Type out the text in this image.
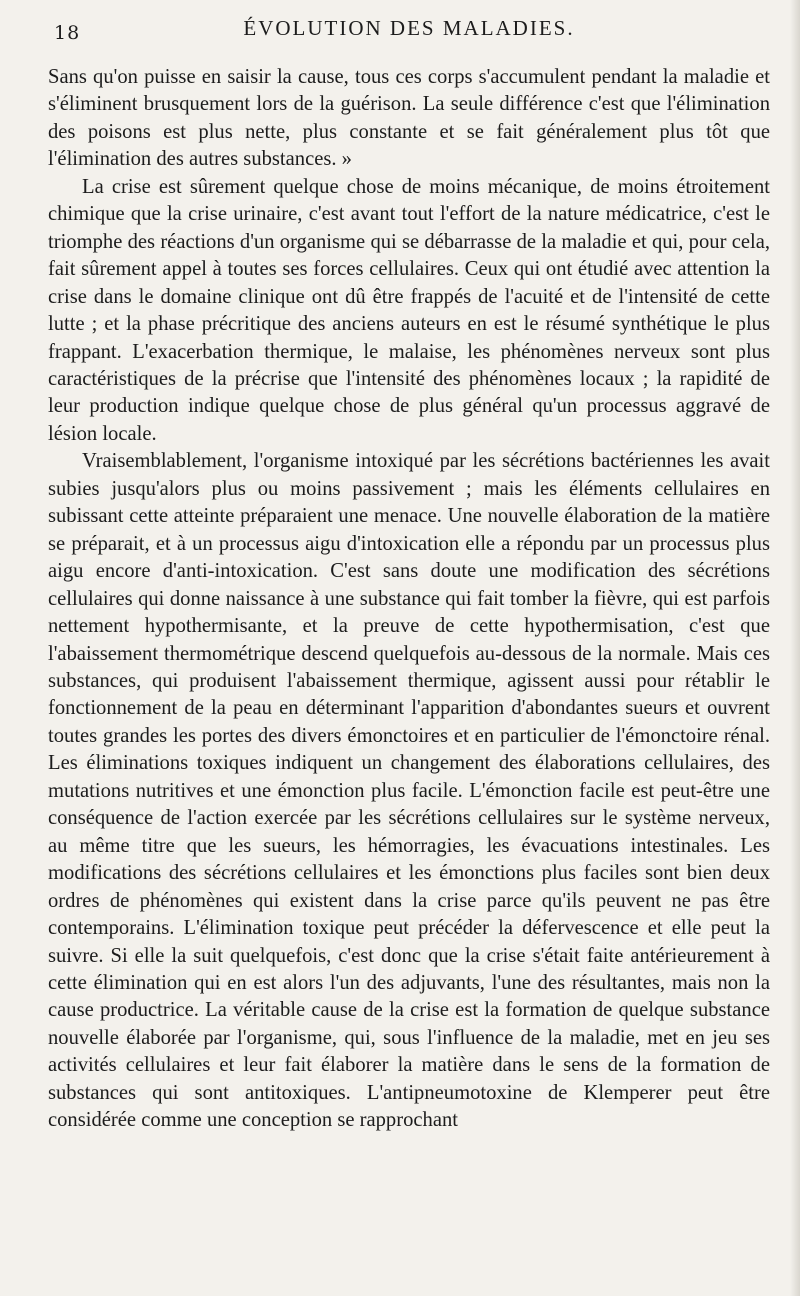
18	ÉVOLUTION DES MALADIES.

Sans qu'on puisse en saisir la cause, tous ces corps s'accumulent pendant la maladie et s'éliminent brusquement lors de la guérison. La seule différence c'est que l'élimination des poisons est plus nette, plus constante et se fait généralement plus tôt que l'élimination des autres substances. »

La crise est sûrement quelque chose de moins mécanique, de moins étroitement chimique que la crise urinaire, c'est avant tout l'effort de la nature médicatrice, c'est le triomphe des réactions d'un organisme qui se débarrasse de la maladie et qui, pour cela, fait sûrement appel à toutes ses forces cellulaires. Ceux qui ont étudié avec attention la crise dans le domaine clinique ont dû être frappés de l'acuité et de l'intensité de cette lutte ; et la phase précritique des anciens auteurs en est le résumé synthétique le plus frappant. L'exacerbation thermique, le malaise, les phénomènes nerveux sont plus caractéristiques de la précrise que l'intensité des phénomènes locaux ; la rapidité de leur production indique quelque chose de plus général qu'un processus aggravé de lésion locale.

Vraisemblablement, l'organisme intoxiqué par les sécrétions bactériennes les avait subies jusqu'alors plus ou moins passivement ; mais les éléments cellulaires en subissant cette atteinte préparaient une menace. Une nouvelle élaboration de la matière se préparait, et à un processus aigu d'intoxication elle a répondu par un processus plus aigu encore d'anti-intoxication. C'est sans doute une modification des sécrétions cellulaires qui donne naissance à une substance qui fait tomber la fièvre, qui est parfois nettement hypothermisante, et la preuve de cette hypothermisation, c'est que l'abaissement thermométrique descend quelquefois au-dessous de la normale. Mais ces substances, qui produisent l'abaissement thermique, agissent aussi pour rétablir le fonctionnement de la peau en déterminant l'apparition d'abondantes sueurs et ouvrent toutes grandes les portes des divers émonctoires et en particulier de l'émonctoire rénal. Les éliminations toxiques indiquent un changement des élaborations cellulaires, des mutations nutritives et une émonction plus facile. L'émonction facile est peut-être une conséquence de l'action exercée par les sécrétions cellulaires sur le système nerveux, au même titre que les sueurs, les hémorragies, les évacuations intestinales. Les modifications des sécrétions cellulaires et les émonctions plus faciles sont bien deux ordres de phénomènes qui existent dans la crise parce qu'ils peuvent ne pas être contemporains. L'élimination toxique peut précéder la défervescence et elle peut la suivre. Si elle la suit quelquefois, c'est donc que la crise s'était faite antérieurement à cette élimination qui en est alors l'un des adjuvants, l'une des résultantes, mais non la cause productrice. La véritable cause de la crise est la formation de quelque substance nouvelle élaborée par l'organisme, qui, sous l'influence de la maladie, met en jeu ses activités cellulaires et leur fait élaborer la matière dans le sens de la formation de substances qui sont antitoxiques. L'antipneumotoxine de Klemperer peut être considérée comme une conception se rapprochant
